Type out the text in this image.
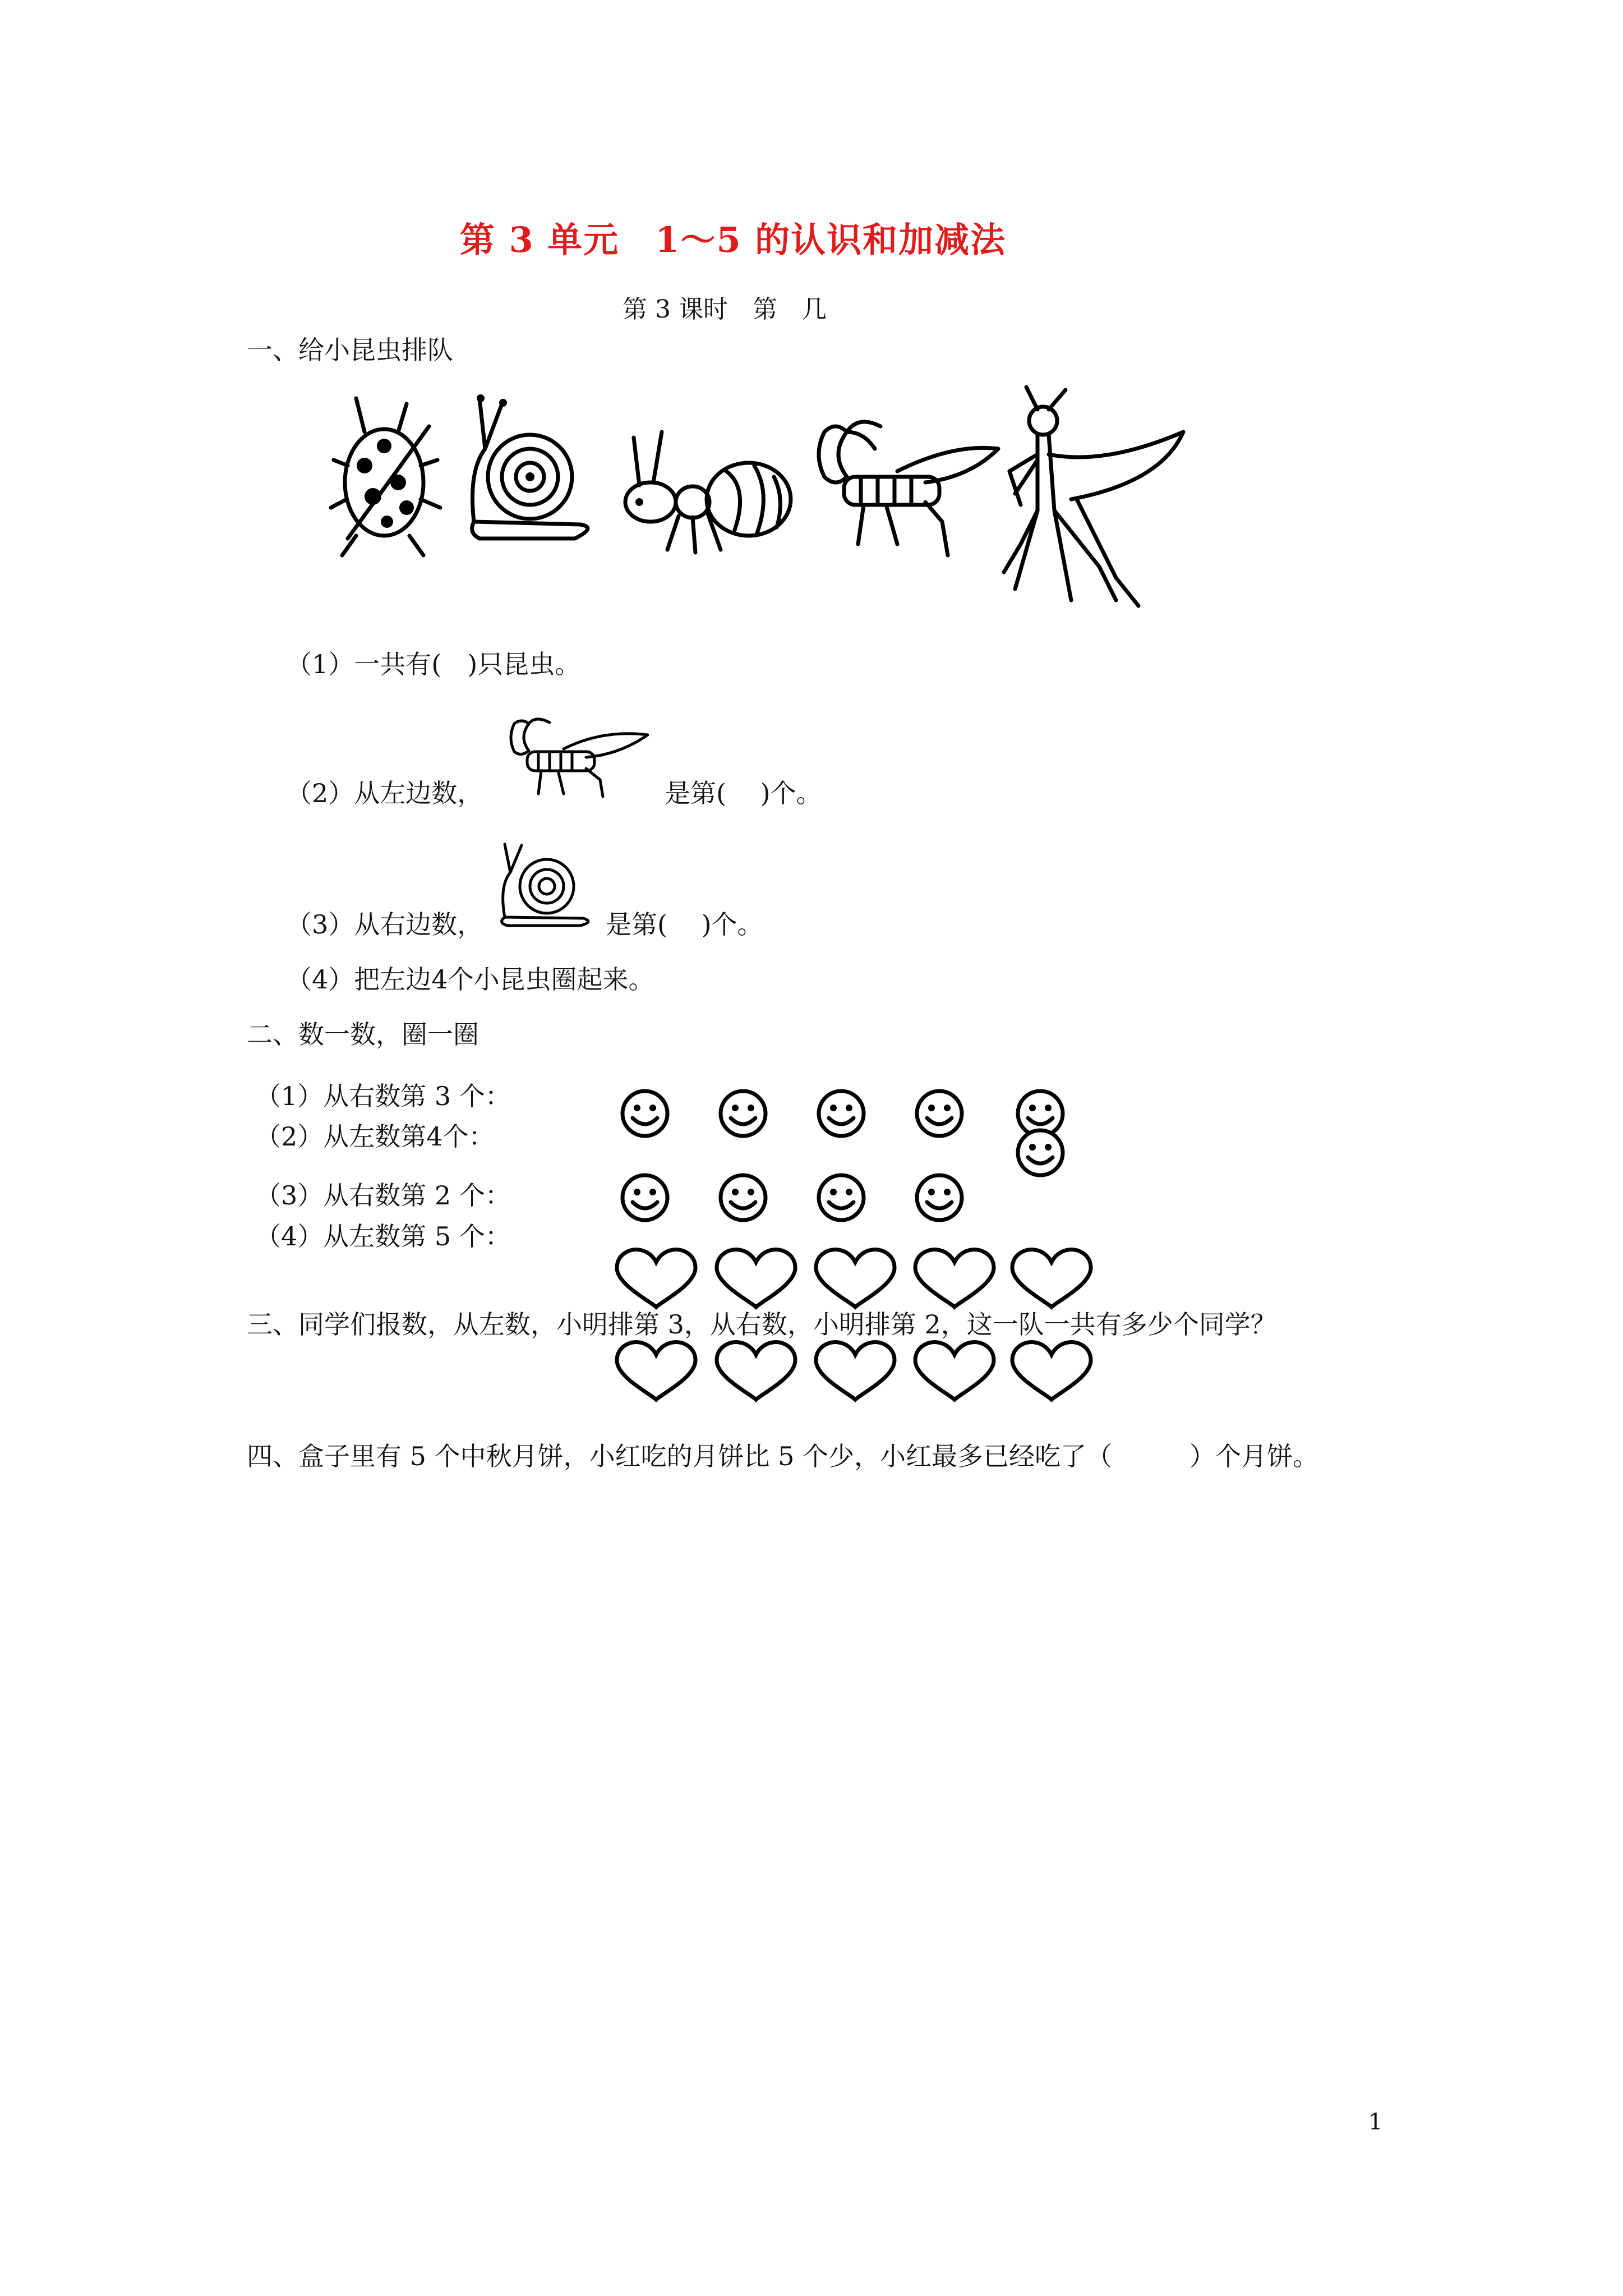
第 3 单元　1～5 的认识和加减法
第 3 课时　第　几
一、给小昆虫排队
（1）一共有(　)只昆虫。
（2）从左边数，	是第(　 )个。
（3）从右边数，	是第(　 )个。
（4）把左边4个小昆虫圈起来。
二、数一数，圈一圈
（1）从右数第 3 个：
（2）从左数第4个：
（3）从右数第 2 个：
（4）从左数第 5 个：
三、同学们报数，从左数，小明排第 3，从右数，小明排第 2，这一队一共有多少个同学？
四、盒子里有 5 个中秋月饼，小红吃的月饼比 5 个少，小红最多已经吃了（　　　）个月饼。
1
